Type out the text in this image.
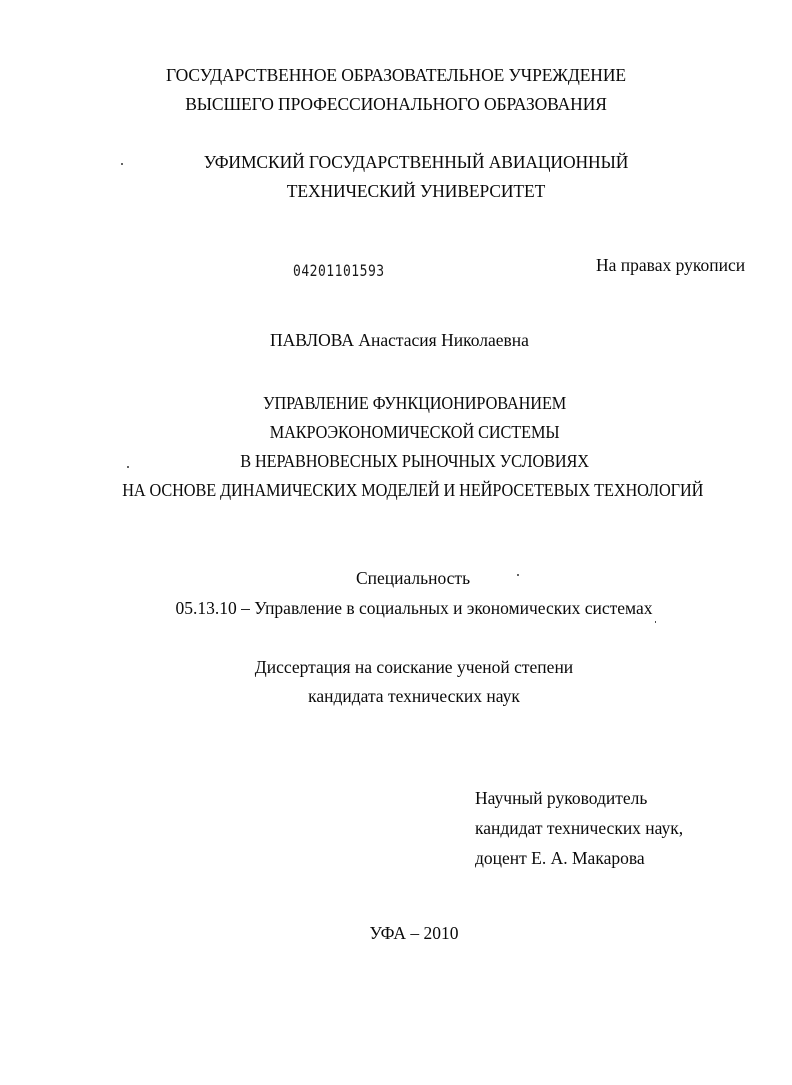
ГОСУДАРСТВЕННОЕ ОБРАЗОВАТЕЛЬНОЕ УЧРЕЖДЕНИЕ
ВЫСШЕГО ПРОФЕССИОНАЛЬНОГО ОБРАЗОВАНИЯ
УФИМСКИЙ ГОСУДАРСТВЕННЫЙ АВИАЦИОННЫЙ
ТЕХНИЧЕСКИЙ УНИВЕРСИТЕТ
04201101593	На правах рукописи
ПАВЛОВА Анастасия Николаевна
УПРАВЛЕНИЕ ФУНКЦИОНИРОВАНИЕМ
МАКРОЭКОНОМИЧЕСКОЙ СИСТЕМЫ
В НЕРАВНОВЕСНЫХ РЫНОЧНЫХ УСЛОВИЯХ
НА ОСНОВЕ ДИНАМИЧЕСКИХ МОДЕЛЕЙ И НЕЙРОСЕТЕВЫХ ТЕХНОЛОГИЙ
Специальность
05.13.10 – Управление в социальных и экономических системах
Диссертация на соискание ученой степени
кандидата технических наук
Научный руководитель
кандидат технических наук,
доцент Е. А. Макарова
УФА – 2010
